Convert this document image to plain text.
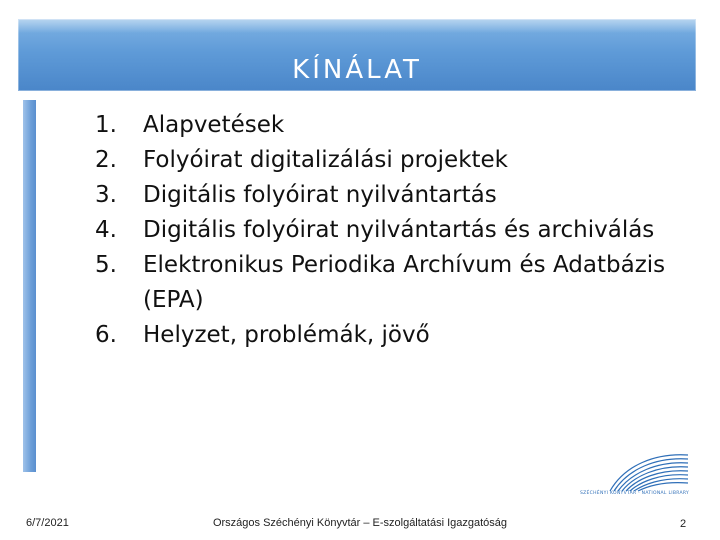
KÍNÁLAT
1.	Alapvetések
2.	Folyóirat digitalizálási projektek
3.	Digitális folyóirat nyilvántartás
4.	Digitális folyóirat nyilvántartás és archiválás
5.	Elektronikus Periodika Archívum és Adatbázis (EPA)
6.	Helyzet, problémák, jövő
SZÉCHÉNYI KÖNYVTÁR · NATIONAL LIBRARY
6/7/2021	Országos Széchényi Könyvtár – E-szolgáltatási Igazgatóság	2
